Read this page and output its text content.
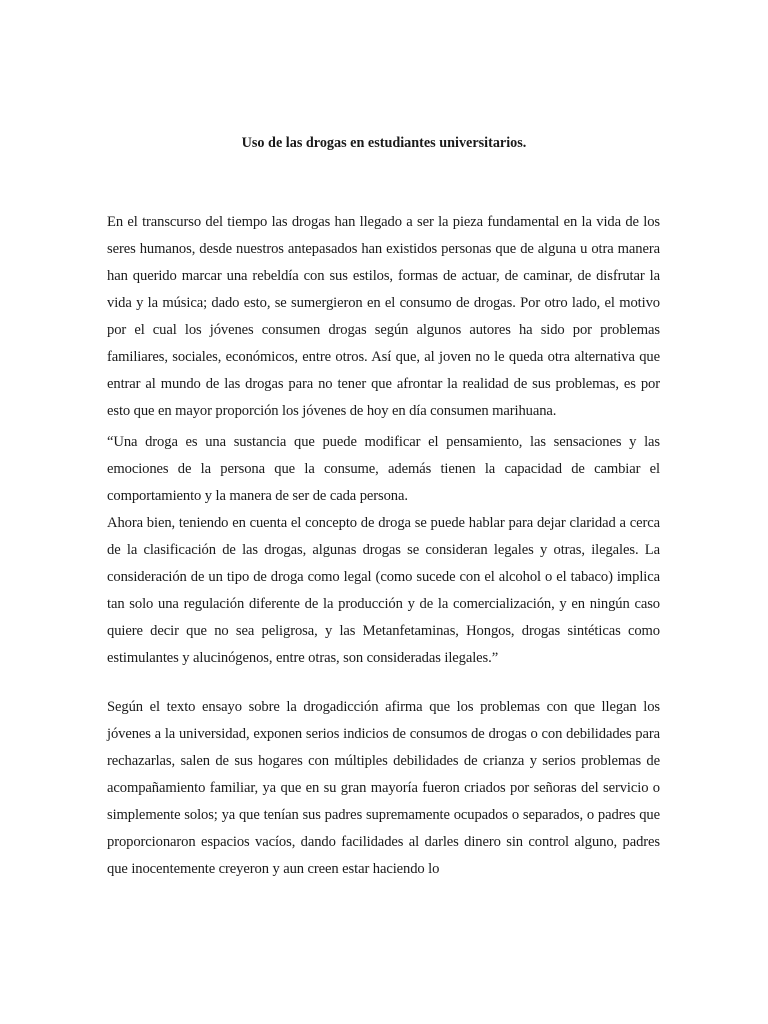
Uso de las drogas en estudiantes universitarios.

En el transcurso del tiempo las drogas han llegado a ser la pieza fundamental en la vida de los seres humanos, desde nuestros antepasados han existidos personas que de alguna u otra manera han querido marcar una rebeldía con sus estilos, formas de actuar, de caminar, de disfrutar la vida y la música; dado esto, se sumergieron en el consumo de drogas. Por otro lado, el motivo por el cual los jóvenes consumen drogas según algunos autores ha sido por problemas familiares, sociales, económicos, entre otros. Así que, al joven no le queda otra alternativa que entrar al mundo de las drogas para no tener que afrontar la realidad de sus problemas, es por esto que en mayor proporción los jóvenes de hoy en día consumen marihuana.

“Una droga es una sustancia que puede modificar el pensamiento, las sensaciones y las emociones de la persona que la consume, además tienen la capacidad de cambiar el comportamiento y la manera de ser de cada persona.

Ahora bien, teniendo en cuenta el concepto de droga se puede hablar para dejar claridad a cerca de la clasificación de las drogas, algunas drogas se consideran legales y otras, ilegales. La consideración de un tipo de droga como legal (como sucede con el alcohol o el tabaco) implica tan solo una regulación diferente de la producción y de la comercialización, y en ningún caso quiere decir que no sea peligrosa, y las Metanfetaminas, Hongos, drogas sintéticas como estimulantes y alucinógenos, entre otras, son consideradas ilegales.”

Según el texto ensayo sobre la drogadicción afirma que los problemas con que llegan los jóvenes a la universidad, exponen serios indicios de consumos de drogas o con debilidades para rechazarlas, salen de sus hogares con múltiples debilidades de crianza y serios problemas de acompañamiento familiar, ya que en su gran mayoría fueron criados por señoras del servicio o simplemente solos; ya que tenían sus padres supremamente ocupados o separados, o padres que proporcionaron espacios vacíos, dando facilidades al darles dinero sin control alguno, padres que inocentemente creyeron y aun creen estar haciendo lo
